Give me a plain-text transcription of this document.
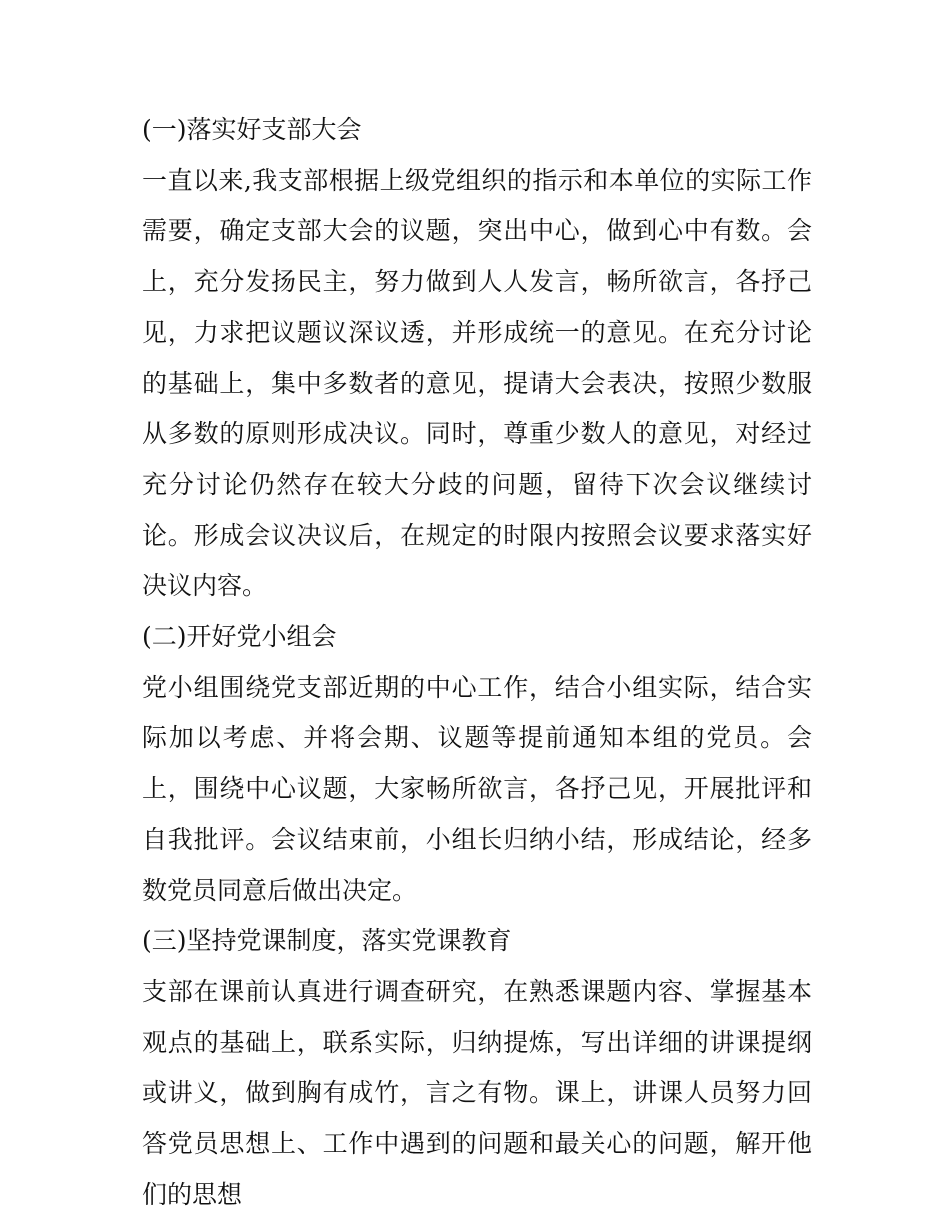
(一)落实好支部大会

一直以来,我支部根据上级党组织的指示和本单位的实际工作需要，确定支部大会的议题，突出中心，做到心中有数。会上，充分发扬民主，努力做到人人发言，畅所欲言，各抒己见，力求把议题议深议透，并形成统一的意见。在充分讨论的基础上，集中多数者的意见，提请大会表决，按照少数服从多数的原则形成决议。同时，尊重少数人的意见，对经过充分讨论仍然存在较大分歧的问题，留待下次会议继续讨论。形成会议决议后，在规定的时限内按照会议要求落实好决议内容。

(二)开好党小组会

党小组围绕党支部近期的中心工作，结合小组实际，结合实际加以考虑、并将会期、议题等提前通知本组的党员。会上，围绕中心议题，大家畅所欲言，各抒己见，开展批评和自我批评。会议结束前，小组长归纳小结，形成结论，经多数党员同意后做出决定。

(三)坚持党课制度，落实党课教育

支部在课前认真进行调查研究，在熟悉课题内容、掌握基本观点的基础上，联系实际，归纳提炼，写出详细的讲课提纲或讲义，做到胸有成竹，言之有物。课上，讲课人员努力回答党员思想上、工作中遇到的问题和最关心的问题，解开他们的思想
